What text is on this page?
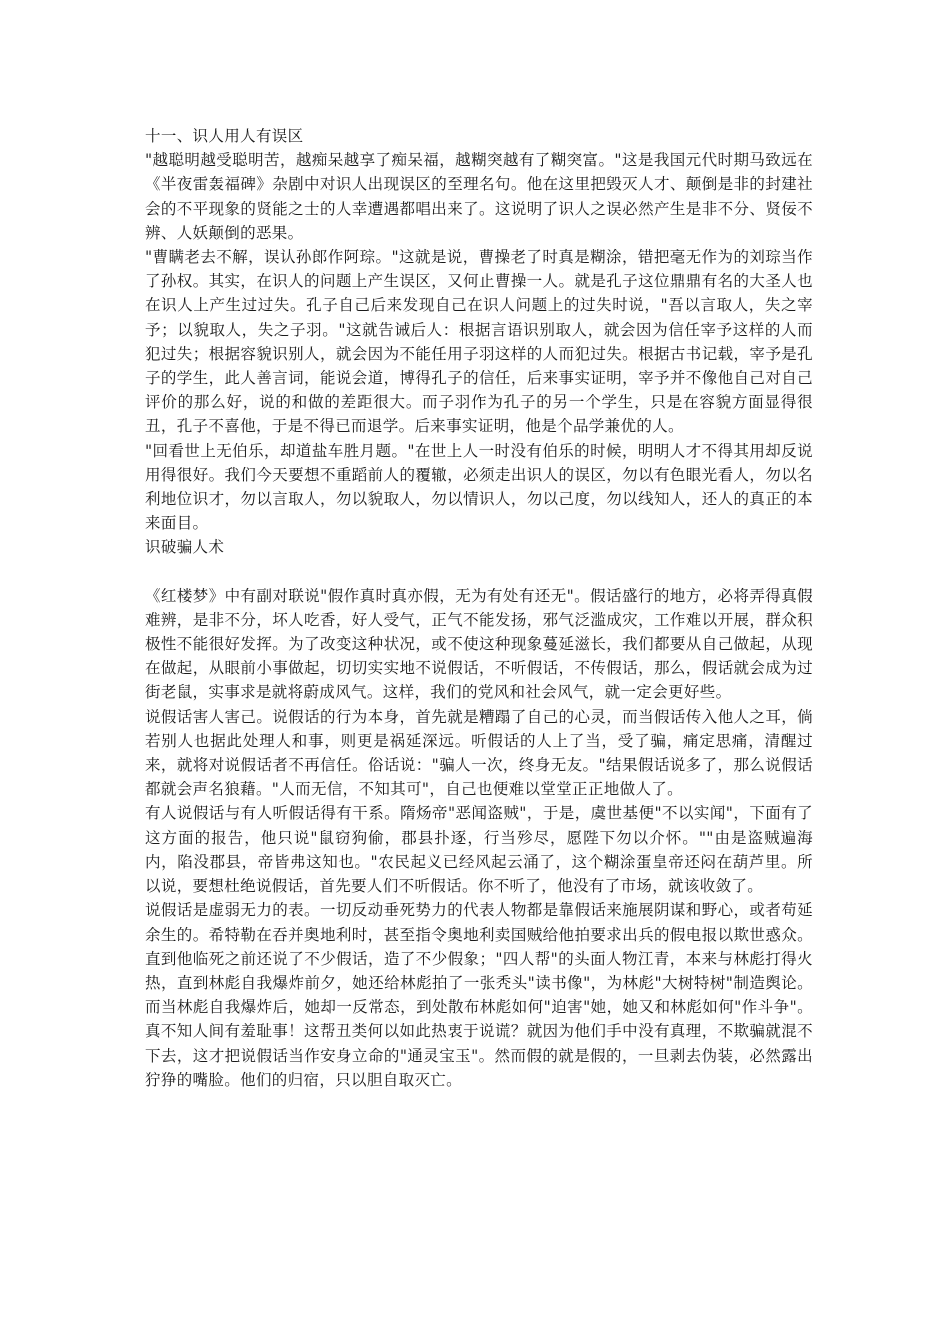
十一、识人用人有误区

"越聪明越受聪明苦，越痴呆越享了痴呆福，越糊突越有了糊突富。"这是我国元代时期马致远在《半夜雷轰福碑》杂剧中对识人出现误区的至理名句。他在这里把毁灭人才、颠倒是非的封建社会的不平现象的贤能之士的人幸遭遇都唱出来了。这说明了识人之误必然产生是非不分、贤佞不辨、人妖颠倒的恶果。

"曹瞒老去不解，误认孙郎作阿琮。"这就是说，曹操老了时真是糊涂，错把毫无作为的刘琮当作了孙权。其实，在识人的问题上产生误区，又何止曹操一人。就是孔子这位鼎鼎有名的大圣人也在识人上产生过过失。孔子自己后来发现自己在识人问题上的过失时说，"吾以言取人，失之宰予；以貌取人，失之子羽。"这就告诫后人：根据言语识别取人，就会因为信任宰予这样的人而犯过失；根据容貌识别人，就会因为不能任用子羽这样的人而犯过失。根据古书记载，宰予是孔子的学生，此人善言词，能说会道，博得孔子的信任，后来事实证明，宰予并不像他自己对自己评价的那么好，说的和做的差距很大。而子羽作为孔子的另一个学生，只是在容貌方面显得很丑，孔子不喜他，于是不得已而退学。后来事实证明，他是个品学兼优的人。

"回看世上无伯乐，却道盐车胜月题。"在世上人一时没有伯乐的时候，明明人才不得其用却反说用得很好。我们今天要想不重蹈前人的覆辙，必须走出识人的误区，勿以有色眼光看人，勿以名利地位识才，勿以言取人，勿以貌取人，勿以情识人，勿以己度，勿以线知人，还人的真正的本来面目。

识破骗人术

《红楼梦》中有副对联说"假作真时真亦假，无为有处有还无"。假话盛行的地方，必将弄得真假难辨，是非不分，坏人吃香，好人受气，正气不能发扬，邪气泛滥成灾，工作难以开展，群众积极性不能很好发挥。为了改变这种状况，或不使这种现象蔓延滋长，我们都要从自己做起，从现在做起，从眼前小事做起，切切实实地不说假话，不听假话，不传假话，那么，假话就会成为过街老鼠，实事求是就将蔚成风气。这样，我们的党风和社会风气，就一定会更好些。

说假话害人害己。说假话的行为本身，首先就是糟蹋了自己的心灵，而当假话传入他人之耳，倘若别人也据此处理人和事，则更是祸延深远。听假话的人上了当，受了骗，痛定思痛，清醒过来，就将对说假话者不再信任。俗话说："骗人一次，终身无友。"结果假话说多了，那么说假话都就会声名狼藉。"人而无信，不知其可"，自己也便难以堂堂正正地做人了。

有人说假话与有人听假话得有干系。隋炀帝"恶闻盗贼"，于是，虞世基便"不以实闻"，下面有了这方面的报告，他只说"鼠窃狗偷，郡县扑逐，行当殄尽，愿陛下勿以介怀。""由是盗贼遍海内，陷没郡县，帝皆弗这知也。"农民起义已经风起云涌了，这个糊涂蛋皇帝还闷在葫芦里。所以说，要想杜绝说假话，首先要人们不听假话。你不听了，他没有了市场，就该收敛了。

说假话是虚弱无力的表。一切反动垂死势力的代表人物都是靠假话来施展阴谋和野心，或者苟延余生的。希特勒在吞并奥地利时，甚至指令奥地利卖国贼给他拍要求出兵的假电报以欺世惑众。直到他临死之前还说了不少假话，造了不少假象；"四人帮"的头面人物江青，本来与林彪打得火热，直到林彪自我爆炸前夕，她还给林彪拍了一张秃头"读书像"，为林彪"大树特树"制造舆论。而当林彪自我爆炸后，她却一反常态，到处散布林彪如何"迫害"她，她又和林彪如何"作斗争"。真不知人间有羞耻事！这帮丑类何以如此热衷于说谎？就因为他们手中没有真理，不欺骗就混不下去，这才把说假话当作安身立命的"通灵宝玉"。然而假的就是假的，一旦剥去伪装，必然露出狞狰的嘴脸。他们的归宿，只以胆自取灭亡。
